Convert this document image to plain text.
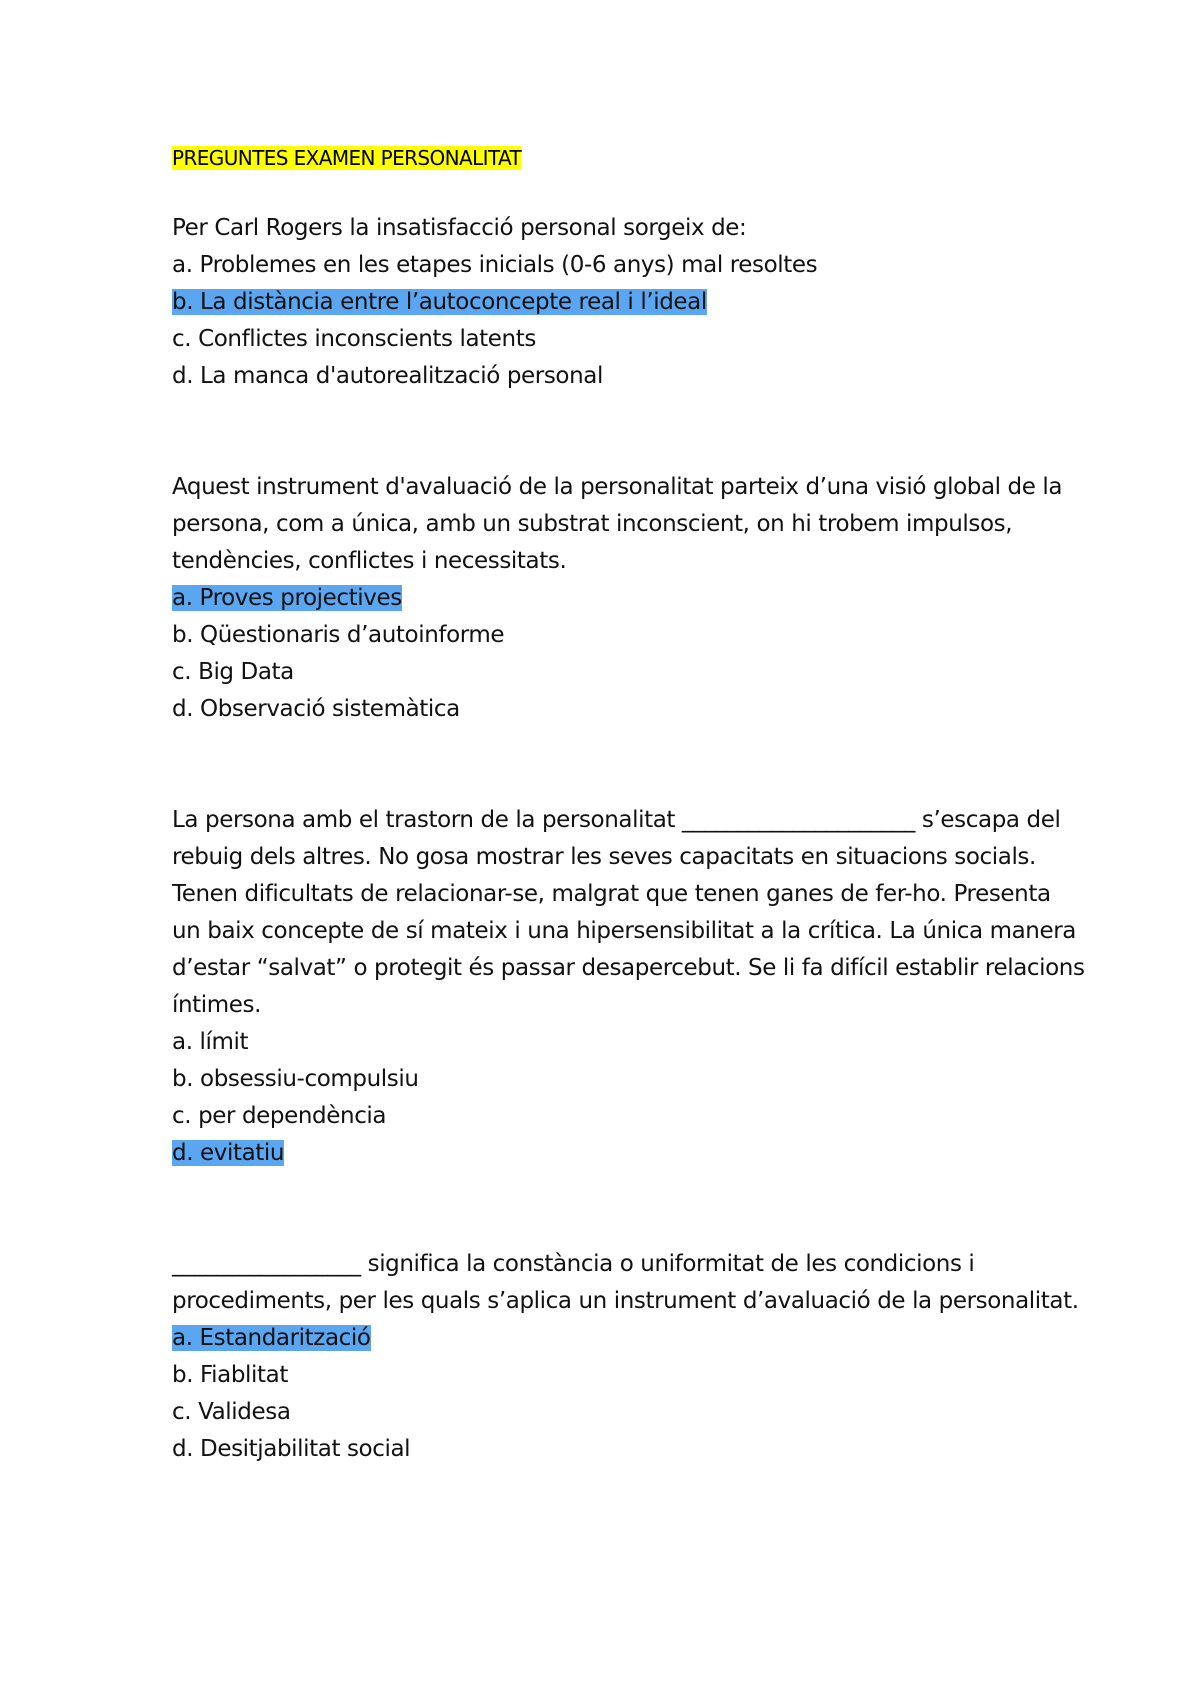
PREGUNTES EXAMEN PERSONALITAT
Per Carl Rogers la insatisfacció personal sorgeix de:
a. Problemes en les etapes inicials (0-6 anys) mal resoltes
b. La distància entre l’autoconcepte real i l’ideal
c. Conflictes inconscients latents
d. La manca d'autorealització personal
Aquest instrument d'avaluació de la personalitat parteix d’una visió global de la
persona, com a única, amb un substrat inconscient, on hi trobem impulsos,
tendències, conflictes i necessitats.
a. Proves projectives
b. Qüestionaris d’autoinforme
c. Big Data
d. Observació sistemàtica
La persona amb el trastorn de la personalitat _____________________ s’escapa del
rebuig dels altres. No gosa mostrar les seves capacitats en situacions socials.
Tenen dificultats de relacionar-se, malgrat que tenen ganes de fer-ho. Presenta
un baix concepte de sí mateix i una hipersensibilitat a la crítica. La única manera
d’estar “salvat” o protegit és passar desapercebut. Se li fa difícil establir relacions
íntimes.
a. límit
b. obsessiu-compulsiu
c. per dependència
d. evitatiu
_________________ significa la constància o uniformitat de les condicions i
procediments, per les quals s’aplica un instrument d’avaluació de la personalitat.
a. Estandarització
b. Fiablitat
c. Validesa
d. Desitjabilitat social
